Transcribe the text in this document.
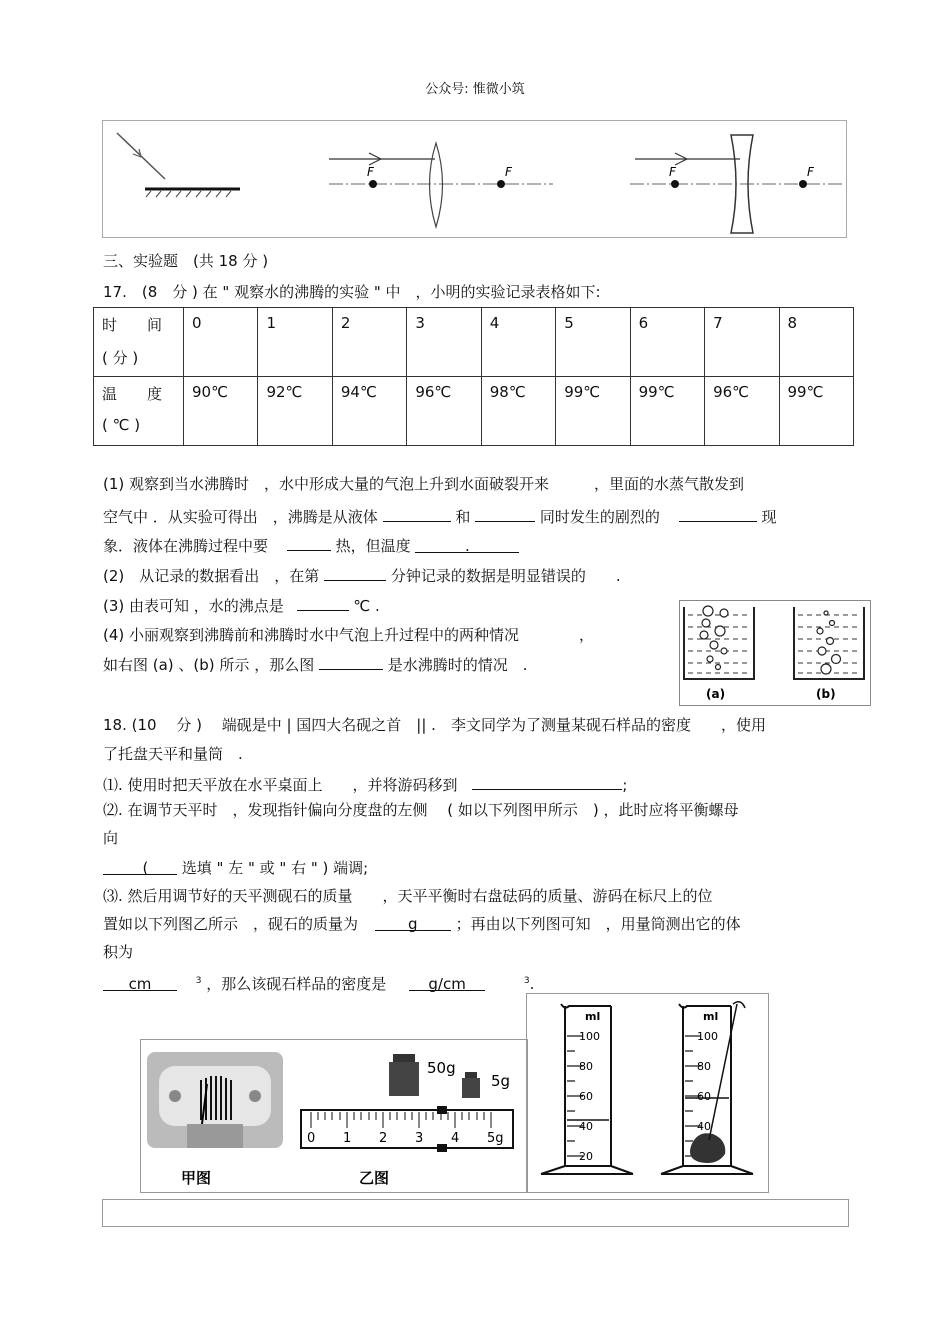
公众号: 惟微小筑
F	F	F	F
三、实验题　(共 18 分 )
17.　(8　分 ) 在 " 观察水的沸腾的实验 " 中　，小明的实验记录表格如下:
时　　间
( 分 )	0	1	2	3	4	5	6	7	8

温　　度
( ℃ )	90℃	92℃	94℃	96℃	98℃	99℃	99℃	96℃	99℃
(1) 观察到当水沸腾时　，水中形成大量的气泡上升到水面破裂开来　　　，里面的水蒸气散发到
空气中 ．从实验可得出　，沸腾是从液体	和	同时发生的剧烈的	现
象．液体在沸腾过程中要	热，但温度	.
(2)　从记录的数据看出　，在第	分钟记录的数据是明显错误的　　.
(3) 由表可知 ，水的沸点是	℃ .
(4) 小丽观察到沸腾前和沸腾时水中气泡上升过程中的两种情况　　　　，
如右图 (a) 、(b) 所示 ，那么图	是水沸腾时的情况　.
(a)	(b)
18. (10　 分 )　 端砚是中 | 国四大名砚之首　|| .　李文同学为了测量某砚石样品的密度　　，使用
了托盘天平和量筒　.
⑴. 使用时把天平放在水平桌面上　　，并将游码移到	;
⑵. 在调节天平时　，发现指针偏向分度盘的左侧　 ( 如以下列图甲所示　) ，此时应将平衡螺母
向
( 选填 " 左 " 或 " 右 " ) 端调;
⑶. 然后用调节好的天平测砚石的质量　　，天平平衡时右盘砝码的质量、游码在标尺上的位
置如以下列图乙所示　，砚石的质量为	g	；再由以下列图可知　，用量筒测出它的体
积为
cm	$^3$ ，那么该砚石样品的密度是	g/cm	$^3$.
甲图
50g
5g
0 1 2 3 4 5g
乙图
ml	ml
100
80
60
40
20
100
80
60
40
